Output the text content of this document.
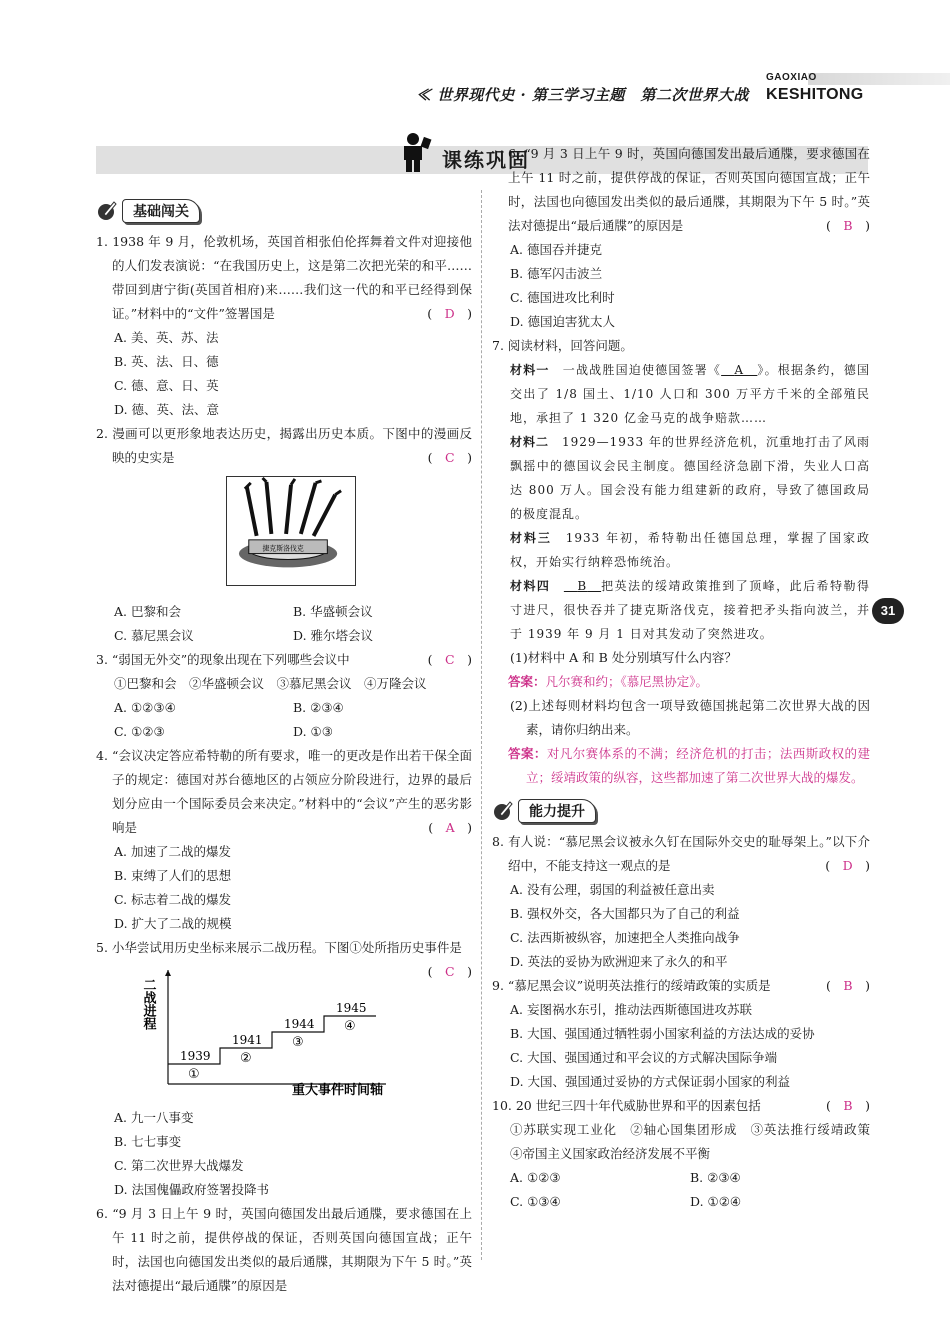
≪ 世界现代史 · 第三学习主题　第二次世界大战
GAOXIAO
KESHITONG
课练巩固
31
基础闯关
1. 1938 年 9 月，伦敦机场，英国首相张伯伦挥舞着文件对迎接他的人们发表演说：“在我国历史上，这是第二次把光荣的和平……带回到唐宁街(英国首相府)来……我们这一代的和平已经得到保证。”材料中的“文件”签署国是	(　D　)
A. 美、英、苏、法
B. 英、法、日、德
C. 德、意、日、英
D. 德、英、法、意
2. 漫画可以更形象地表达历史，揭露出历史本质。下图中的漫画反映的史实是	(　C　)
捷克斯洛伐克
A. 巴黎和会	B. 华盛顿会议
C. 慕尼黑会议	D. 雅尔塔会议
3. “弱国无外交”的现象出现在下列哪些会议中	(　C　)
①巴黎和会　②华盛顿会议　③慕尼黑会议　④万隆会议
A. ①②③④	B. ②③④
C. ①②③	D. ①③
4. “会议决定答应希特勒的所有要求，唯一的更改是作出若干保全面子的规定：德国对苏台德地区的占领应分阶段进行，边界的最后划分应由一个国际委员会来决定。”材料中的“会议”产生的恶劣影响是	(　A　)
A. 加速了二战的爆发
B. 束缚了人们的思想
C. 标志着二战的爆发
D. 扩大了二战的规模
5. 小华尝试用历史坐标来展示二战历程。下图①处所指历史事件是
(　C　)
二战进程
重大事件时间轴
1939
①
1941
②
1944
③
1945
④
A. 九一八事变
B. 七七事变
C. 第二次世界大战爆发
D. 法国傀儡政府签署投降书
6. “9 月 3 日上午 9 时，英国向德国发出最后通牒，要求德国在上午 11 时之前，提供停战的保证，否则英国向德国宣战；正午时，法国也向德国发出类似的最后通牒，其期限为下午 5 时。”英法对德提出“最后通牒”的原因是
6. “9 月 3 日上午 9 时，英国向德国发出最后通牒，要求德国在上午 11 时之前，提供停战的保证，否则英国向德国宣战；正午时，法国也向德国发出类似的最后通牒，其期限为下午 5 时。”英法对德提出“最后通牒”的原因是	(　B　)
A. 德国吞并捷克
B. 德军闪击波兰
C. 德国进攻比利时
D. 德国迫害犹太人
7. 阅读材料，回答问题。
材料一　 一战战胜国迫使德国签署《　 A　 》。根据条约，德国交出了 1/8 国土、1/10 人口和 300 万平方千米的全部殖民地，承担了 1 320 亿金马克的战争赔款……
材料二　 1929—1933 年的世界经济危机，沉重地打击了风雨飘摇中的德国议会民主制度。德国经济急剧下滑，失业人口高达 800 万人。国会没有能力组建新的政府，导致了德国政局的极度混乱。
材料三　 1933 年初，希特勒出任德国总理，掌握了国家政权，开始实行纳粹恐怖统治。
材料四　　 B　 把英法的绥靖政策推到了顶峰，此后希特勒得寸进尺，很快吞并了捷克斯洛伐克，接着把矛头指向波兰，并于 1939 年 9 月 1 日对其发动了突然进攻。
(1)材料中 A 和 B 处分别填写什么内容？
答案：凡尔赛和约；《慕尼黑协定》。
(2)上述每则材料均包含一项导致德国挑起第二次世界大战的因素，请你归纳出来。
答案：对凡尔赛体系的不满；经济危机的打击；法西斯政权的建立；绥靖政策的纵容，这些都加速了第二次世界大战的爆发。
能力提升
8. 有人说：“慕尼黑会议被永久钉在国际外交史的耻辱架上。”以下介绍中，不能支持这一观点的是	(　D　)
A. 没有公理，弱国的利益被任意出卖
B. 强权外交，各大国都只为了自己的利益
C. 法西斯被纵容，加速把全人类推向战争
D. 英法的妥协为欧洲迎来了永久的和平
9. “慕尼黑会议”说明英法推行的绥靖政策的实质是	(　B　)
A. 妄图祸水东引，推动法西斯德国进攻苏联
B. 大国、强国通过牺牲弱小国家利益的方法达成的妥协
C. 大国、强国通过和平会议的方式解决国际争端
D. 大国、强国通过妥协的方式保证弱小国家的利益
10. 20 世纪三四十年代威胁世界和平的因素包括	(　B　)
①苏联实现工业化　②轴心国集团形成　③英法推行绥靖政策　④帝国主义国家政治经济发展不平衡
A. ①②③	B. ②③④
C. ①③④	D. ①②④
